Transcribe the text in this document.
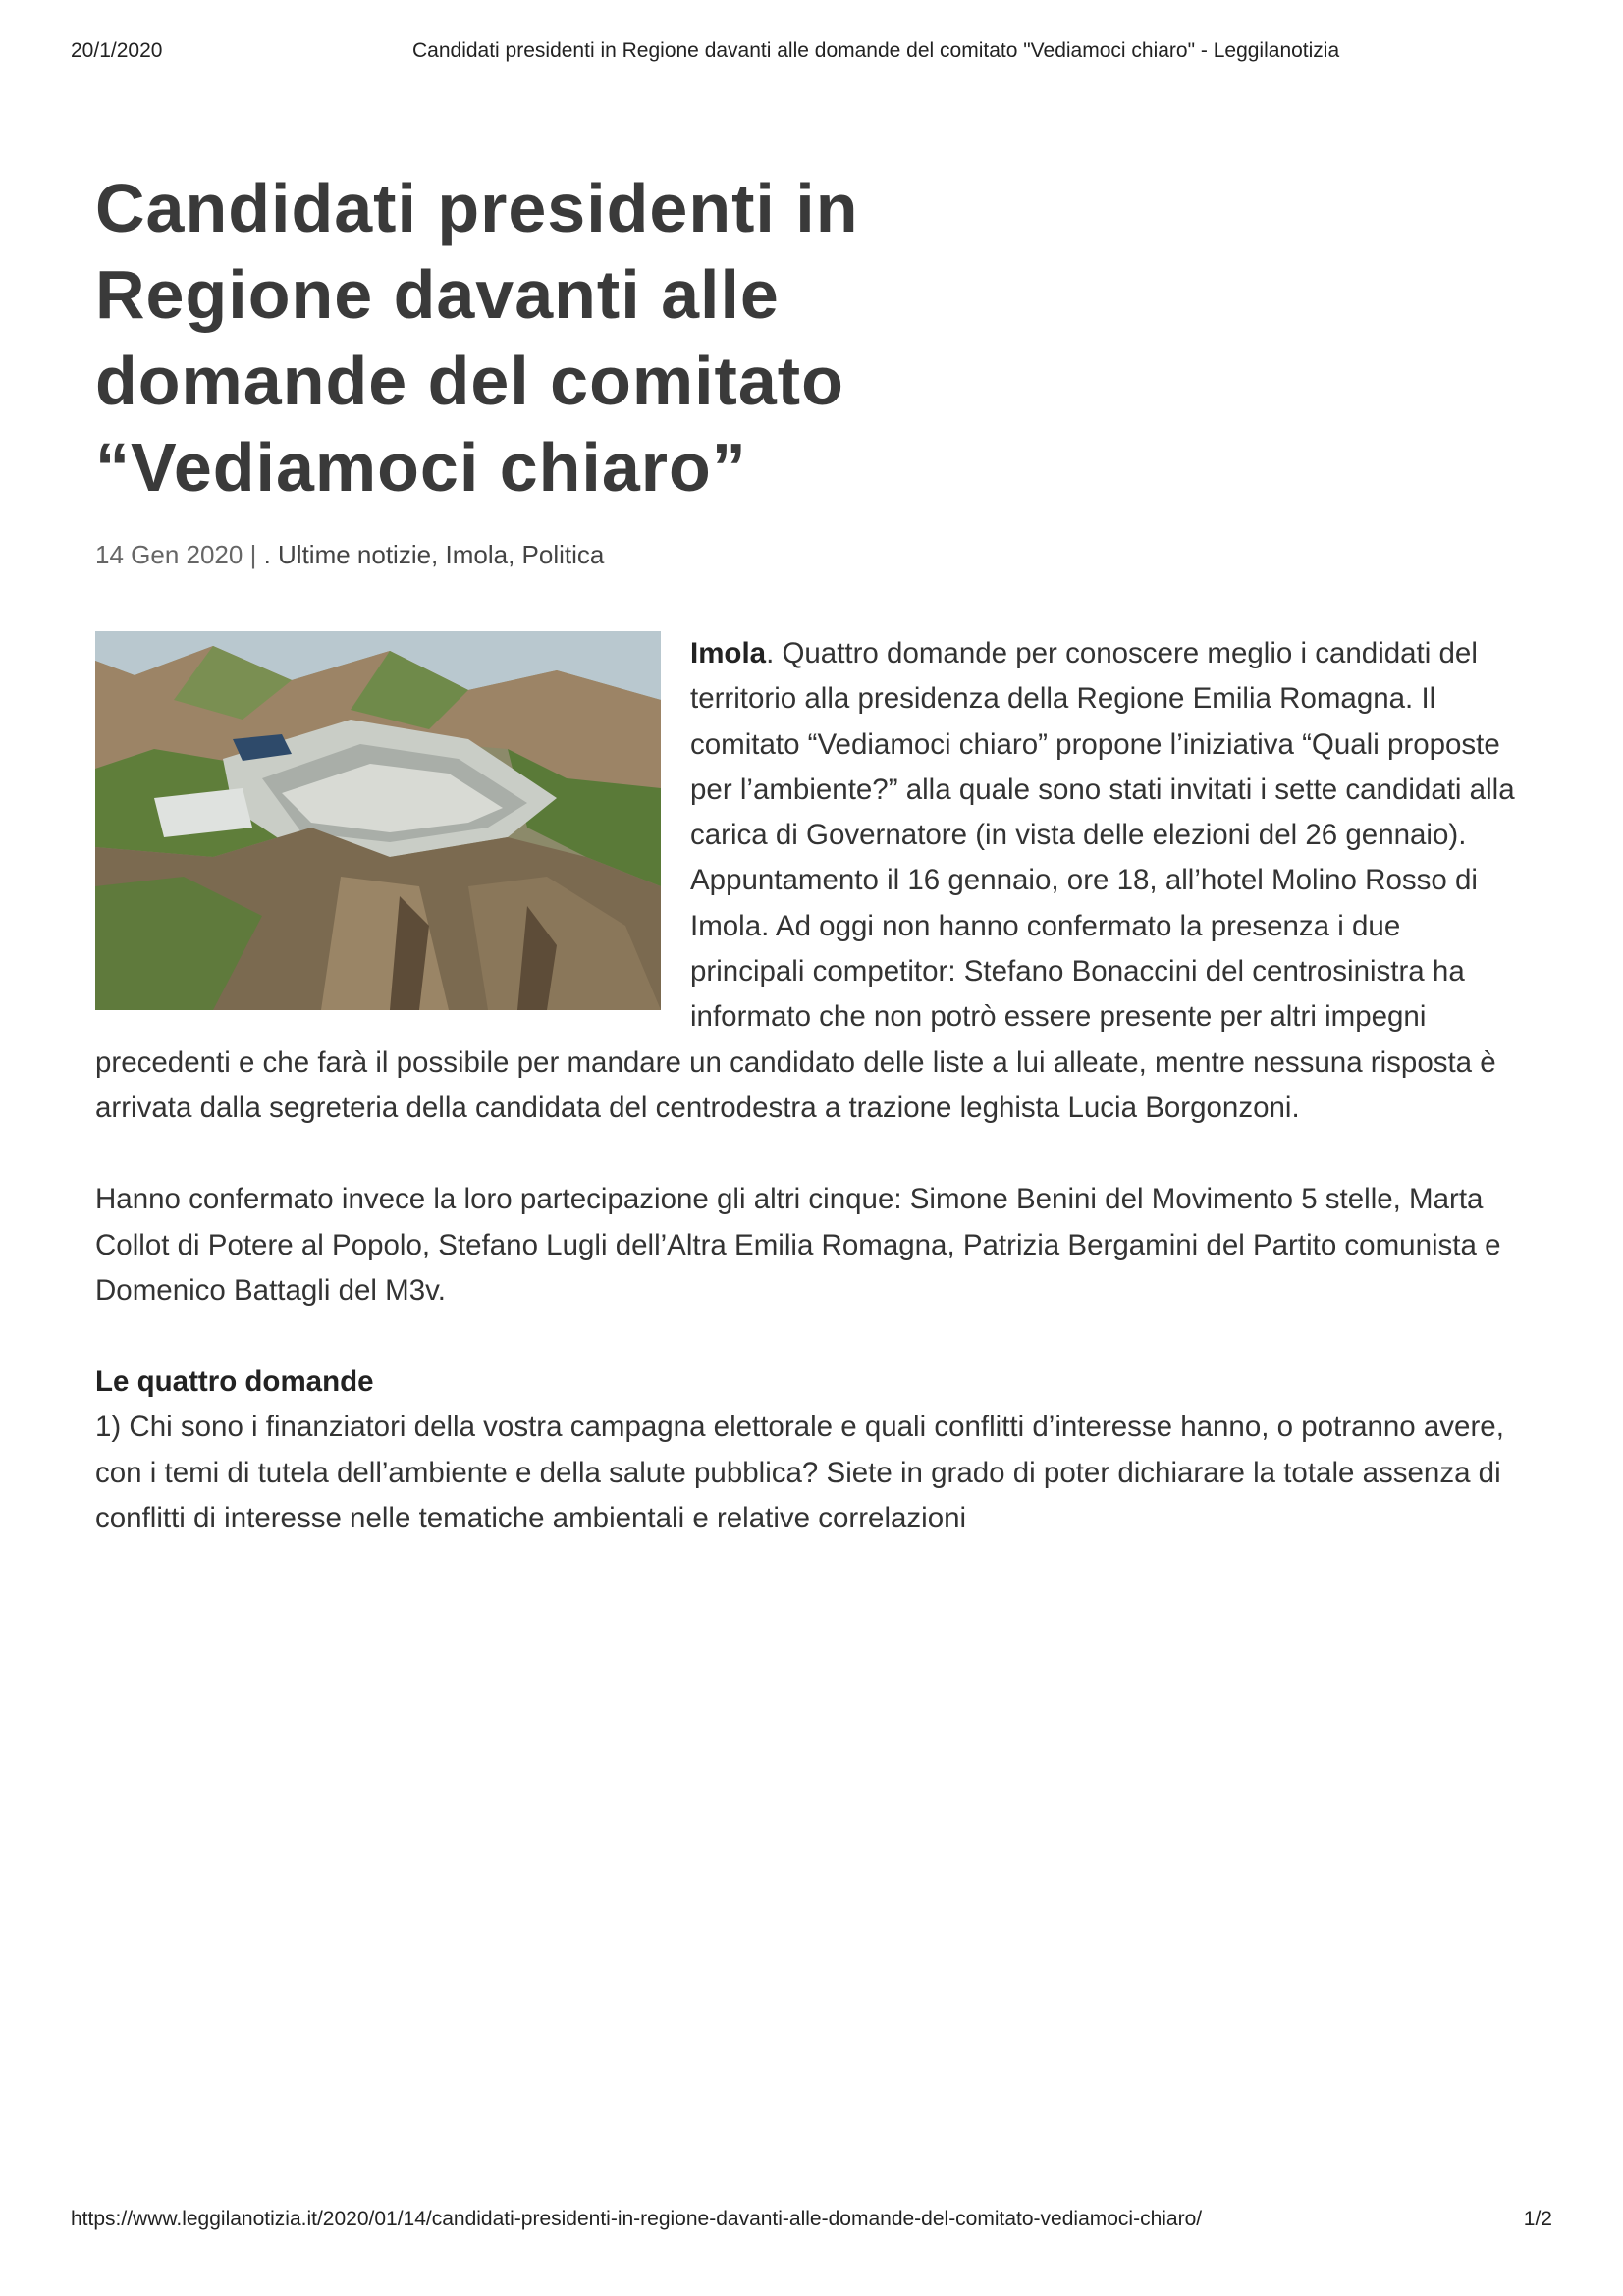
20/1/2020	Candidati presidenti in Regione davanti alle domande del comitato "Vediamoci chiaro" - Leggilanotizia
Candidati presidenti in Regione davanti alle domande del comitato “Vediamoci chiaro”
14 Gen 2020 | . Ultime notizie, Imola, Politica

Imola. Quattro domande per conoscere meglio i candidati del territorio alla presidenza della Regione Emilia Romagna. Il comitato “Vediamoci chiaro” propone l’iniziativa “Quali proposte per l’ambiente?” alla quale sono stati invitati i sette candidati alla carica di Governatore (in vista delle elezioni del 26 gennaio). Appuntamento il 16 gennaio, ore 18, all’hotel Molino Rosso di Imola. Ad oggi non hanno confermato la presenza i due principali competitor: Stefano Bonaccini del centrosinistra ha informato che non potrò essere presente per altri impegni precedenti e che farà il possibile per mandare un candidato delle liste a lui alleate, mentre nessuna risposta è arrivata dalla segreteria della candidata del centrodestra a trazione leghista Lucia Borgonzoni.

Hanno confermato invece la loro partecipazione gli altri cinque: Simone Benini del Movimento 5 stelle, Marta Collot di Potere al Popolo, Stefano Lugli dell’Altra Emilia Romagna, Patrizia Bergamini del Partito comunista e Domenico Battagli del M3v.

Le quattro domande
1) Chi sono i finanziatori della vostra campagna elettorale e quali conflitti d’interesse hanno, o potranno avere, con i temi di tutela dell’ambiente e della salute pubblica? Siete in grado di poter dichiarare la totale assenza di conflitti di interesse nelle tematiche ambientali e relative correlazioni

https://www.leggilanotizia.it/2020/01/14/candidati-presidenti-in-regione-davanti-alle-domande-del-comitato-vediamoci-chiaro/	1/2
